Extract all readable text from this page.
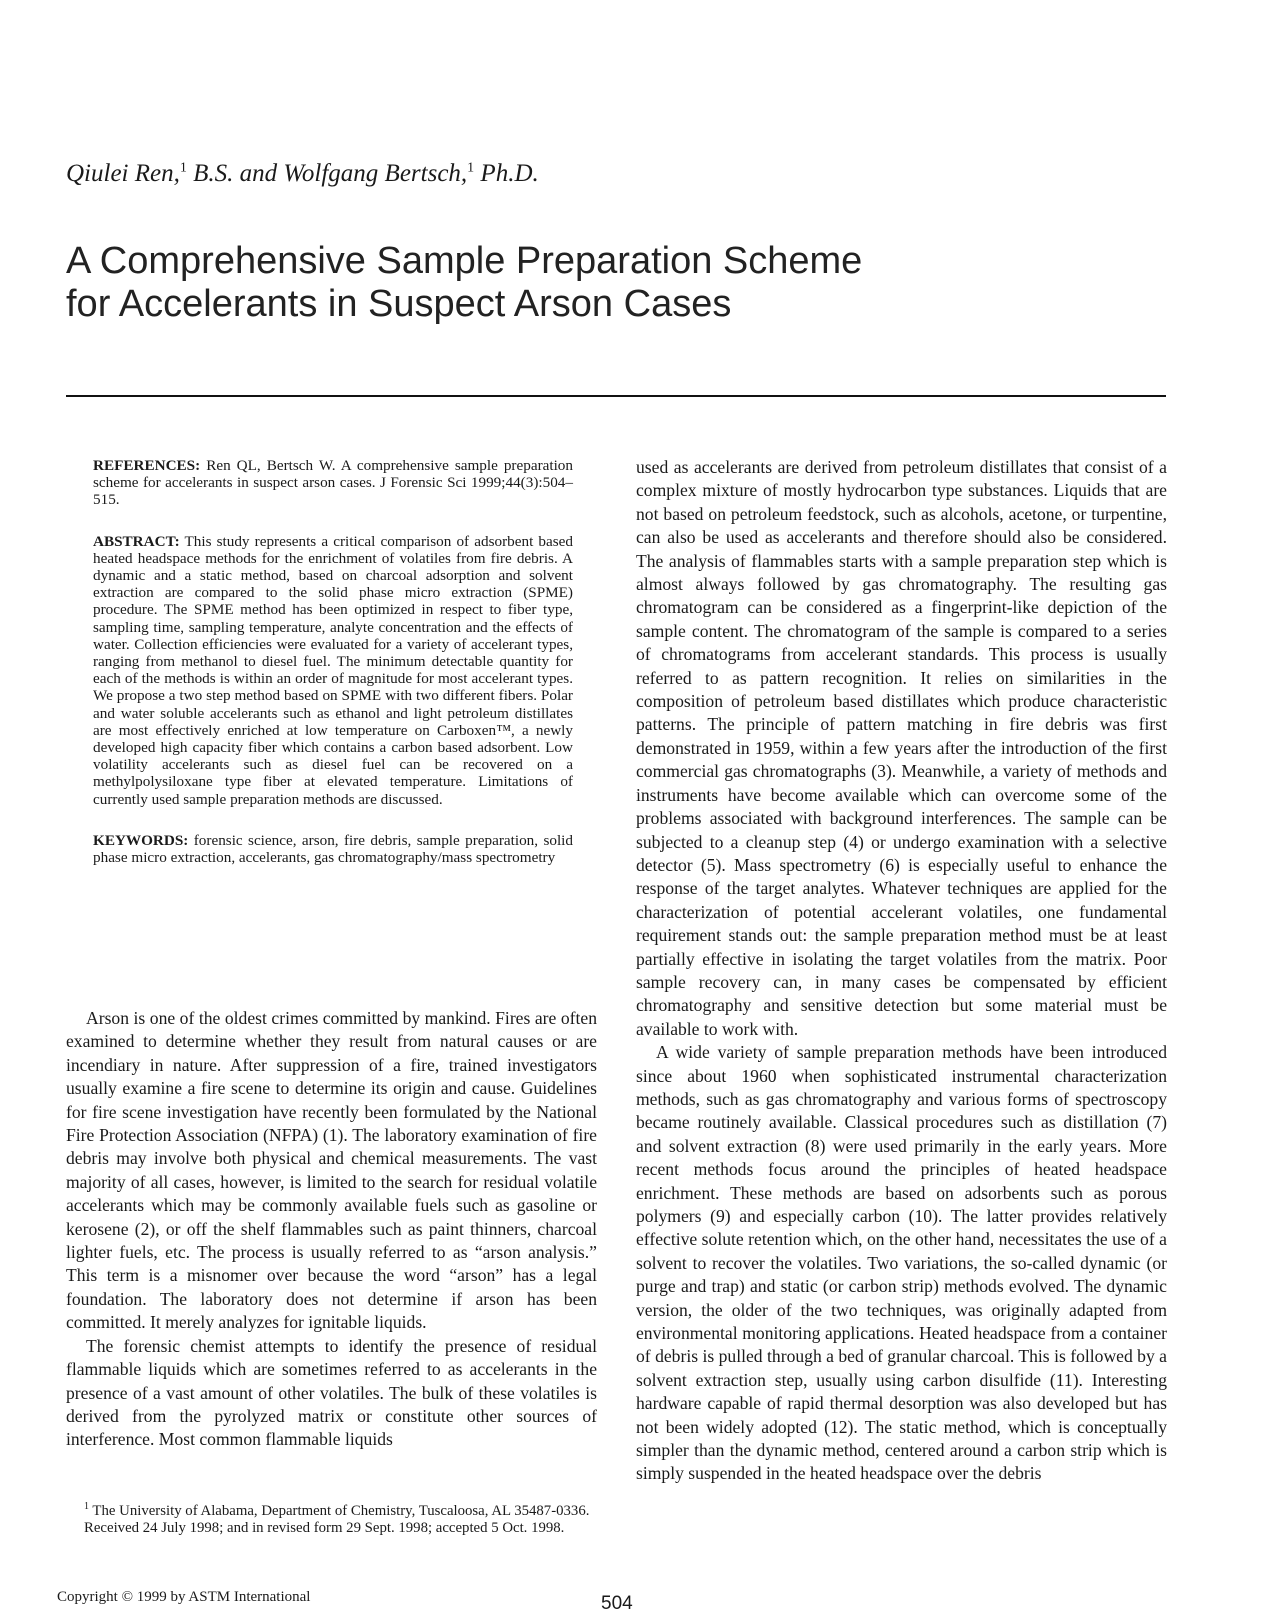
Qiulei Ren,$^1$ B.S. and Wolfgang Bertsch,$^1$ Ph.D.
A Comprehensive Sample Preparation Scheme
for Accelerants in Suspect Arson Cases

REFERENCES: Ren QL, Bertsch W. A comprehensive sample preparation scheme for accelerants in suspect arson cases. J Forensic Sci 1999;44(3):504–515.

ABSTRACT: This study represents a critical comparison of adsorbent based heated headspace methods for the enrichment of volatiles from fire debris. A dynamic and a static method, based on charcoal adsorption and solvent extraction are compared to the solid phase micro extraction (SPME) procedure. The SPME method has been optimized in respect to fiber type, sampling time, sampling temperature, analyte concentration and the effects of water. Collection efficiencies were evaluated for a variety of accelerant types, ranging from methanol to diesel fuel. The minimum detectable quantity for each of the methods is within an order of magnitude for most accelerant types. We propose a two step method based on SPME with two different fibers. Polar and water soluble accelerants such as ethanol and light petroleum distillates are most effectively enriched at low temperature on Carboxen™, a newly developed high capacity fiber which contains a carbon based adsorbent. Low volatility accelerants such as diesel fuel can be recovered on a methylpolysiloxane type fiber at elevated temperature. Limitations of currently used sample preparation methods are discussed.

KEYWORDS: forensic science, arson, fire debris, sample preparation, solid phase micro extraction, accelerants, gas chromatography/mass spectrometry

Arson is one of the oldest crimes committed by mankind. Fires are often examined to determine whether they result from natural causes or are incendiary in nature. After suppression of a fire, trained investigators usually examine a fire scene to determine its origin and cause. Guidelines for fire scene investigation have recently been formulated by the National Fire Protection Association (NFPA) (1). The laboratory examination of fire debris may involve both physical and chemical measurements. The vast majority of all cases, however, is limited to the search for residual volatile accelerants which may be commonly available fuels such as gasoline or kerosene (2), or off the shelf flammables such as paint thinners, charcoal lighter fuels, etc. The process is usually referred to as “arson analysis.” This term is a misnomer over because the word “arson” has a legal foundation. The laboratory does not determine if arson has been committed. It merely analyzes for ignitable liquids.

The forensic chemist attempts to identify the presence of residual flammable liquids which are sometimes referred to as accelerants in the presence of a vast amount of other volatiles. The bulk of these volatiles is derived from the pyrolyzed matrix or constitute other sources of interference. Most common flammable liquids

$^1$ The University of Alabama, Department of Chemistry, Tuscaloosa, AL 35487-0336.

Received 24 July 1998; and in revised form 29 Sept. 1998; accepted 5 Oct. 1998.

Copyright © 1999 by ASTM International	504

used as accelerants are derived from petroleum distillates that consist of a complex mixture of mostly hydrocarbon type substances. Liquids that are not based on petroleum feedstock, such as alcohols, acetone, or turpentine, can also be used as accelerants and therefore should also be considered. The analysis of flammables starts with a sample preparation step which is almost always followed by gas chromatography. The resulting gas chromatogram can be considered as a fingerprint-like depiction of the sample content. The chromatogram of the sample is compared to a series of chromatograms from accelerant standards. This process is usually referred to as pattern recognition. It relies on similarities in the composition of petroleum based distillates which produce characteristic patterns. The principle of pattern matching in fire debris was first demonstrated in 1959, within a few years after the introduction of the first commercial gas chromatographs (3). Meanwhile, a variety of methods and instruments have become available which can overcome some of the problems associated with background interferences. The sample can be subjected to a cleanup step (4) or undergo examination with a selective detector (5). Mass spectrometry (6) is especially useful to enhance the response of the target analytes. Whatever techniques are applied for the characterization of potential accelerant volatiles, one fundamental requirement stands out: the sample preparation method must be at least partially effective in isolating the target volatiles from the matrix. Poor sample recovery can, in many cases be compensated by efficient chromatography and sensitive detection but some material must be available to work with.

A wide variety of sample preparation methods have been introduced since about 1960 when sophisticated instrumental characterization methods, such as gas chromatography and various forms of spectroscopy became routinely available. Classical procedures such as distillation (7) and solvent extraction (8) were used primarily in the early years. More recent methods focus around the principles of heated headspace enrichment. These methods are based on adsorbents such as porous polymers (9) and especially carbon (10). The latter provides relatively effective solute retention which, on the other hand, necessitates the use of a solvent to recover the volatiles. Two variations, the so-called dynamic (or purge and trap) and static (or carbon strip) methods evolved. The dynamic version, the older of the two techniques, was originally adapted from environmental monitoring applications. Heated headspace from a container of debris is pulled through a bed of granular charcoal. This is followed by a solvent extraction step, usually using carbon disulfide (11). Interesting hardware capable of rapid thermal desorption was also developed but has not been widely adopted (12). The static method, which is conceptually simpler than the dynamic method, centered around a carbon strip which is simply suspended in the heated headspace over the debris
